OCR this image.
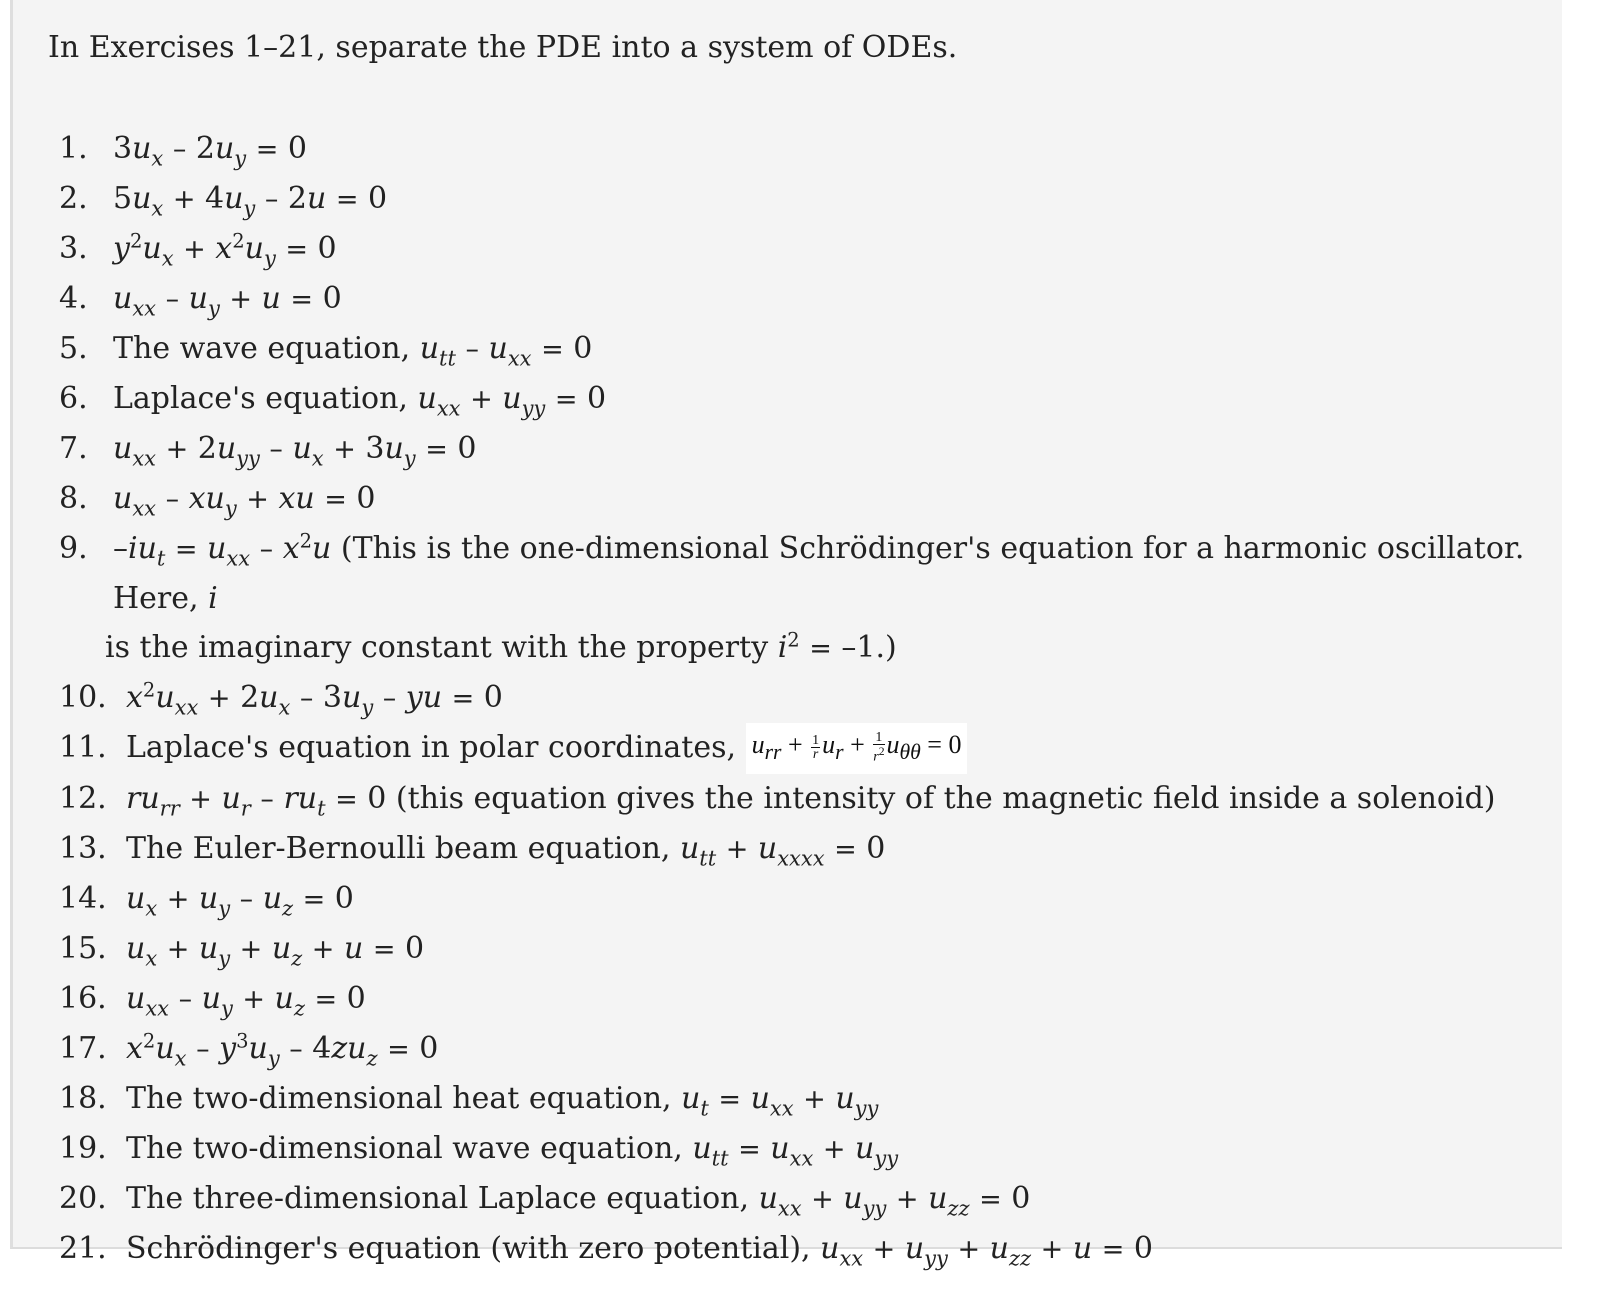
In Exercises 1–21, separate the PDE into a system of ODEs.

1. $3u_x - 2u_y = 0$
2. $5u_x + 4u_y - 2u = 0$
3. $y^2u_x + x^2u_y = 0$
4. $u_{xx} - u_y + u = 0$
5. The wave equation, $u_{tt} - u_{xx} = 0$
6. Laplace's equation, $u_{xx} + u_{yy} = 0$
7. $u_{xx} + 2u_{yy} - u_x + 3u_y = 0$
8. $u_{xx} - xu_y$ + xu = 0
9. $-iu_t = u_{xx} - x^2u$ (This is the one-dimensional Schrödinger's equation for a harmonic oscillator. Here, i
is the imaginary constant with the property $i^2 = -1$.)
10. $x^2u_{xx} + 2u_x - 3u_y$ – yu = 0
11. Laplace's equation in polar coordinates, $u_{rr} + \frac{1}{r} u_r + \frac{1}{r^2} u_{\theta\theta} = 0$
12. $ru_{rr} + u_r - ru_t = 0$ (this equation gives the intensity of the magnetic field inside a solenoid)
13. The Euler-Bernoulli beam equation, $u_{tt} + u_{xxxx} = 0$
14. $u_x + u_y - u_z = 0$
15. $u_x + u_y + u_z + u = 0$
16. $u_{xx} - u_y + u_z = 0$
17. $x^2u_x - y^3u_y - 4zu_z = 0$
18. The two-dimensional heat equation, $u_t = u_{xx} + u_{yy}$
19. The two-dimensional wave equation, $u_{tt} = u_{xx} + u_{yy}$
20. The three-dimensional Laplace equation, $u_{xx} + u_{yy} + u_{zz} = 0$
21. Schrödinger's equation (with zero potential), $u_{xx} + u_{yy} + u_{zz} + u = 0$
